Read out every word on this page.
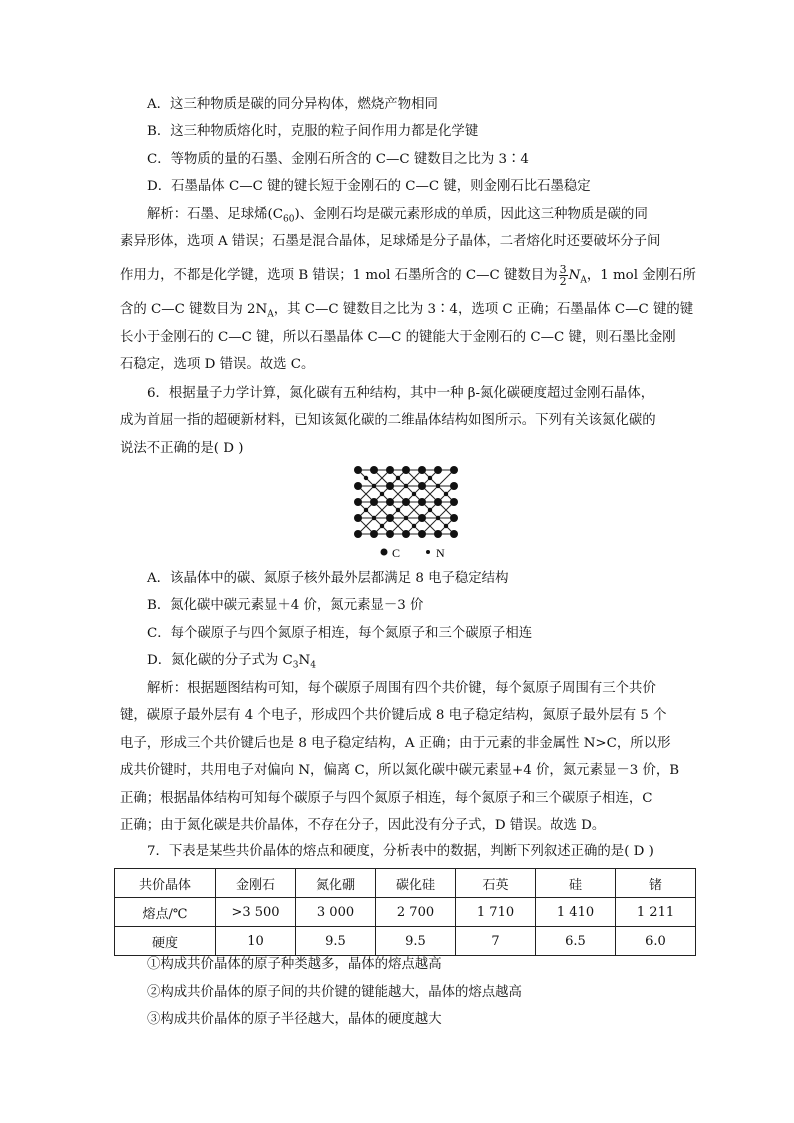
A．这三种物质是碳的同分异构体，燃烧产物相同
B．这三种物质熔化时，克服的粒子间作用力都是化学键
C．等物质的量的石墨、金刚石所含的 C—C 键数目之比为 3∶4
D．石墨晶体 C—C 键的键长短于金刚石的 C—C 键，则金刚石比石墨稳定
解析：石墨、足球烯$(C_{60})$、金刚石均是碳元素形成的单质，因此这三种物质是碳的同
素异形体，选项 A 错误；石墨是混合晶体，足球烯是分子晶体，二者熔化时还要破坏分子间
作用力，不都是化学键，选项 B 错误；1 mol 石墨所含的 C—C 键数目为 $\frac{3}{2} N_A$，1 mol 金刚石所
含的 C—C 键数目为 $2N_A$，其 C—C 键数目之比为 3∶4，选项 C 正确；石墨晶体 C—C 键的键
长小于金刚石的 C—C 键，所以石墨晶体 C—C 的键能大于金刚石的 C—C 键，则石墨比金刚
石稳定，选项 D 错误。故选 C。
6．根据量子力学计算，氮化碳有五种结构，其中一种 β-氮化碳硬度超过金刚石晶体，
成为首屈一指的超硬新材料，已知该氮化碳的二维晶体结构如图所示。下列有关该氮化碳的
说法不正确的是( D )
C	N
A．该晶体中的碳、氮原子核外最外层都满足 8 电子稳定结构
B．氮化碳中碳元素显＋4 价，氮元素显－3 价
C．每个碳原子与四个氮原子相连，每个氮原子和三个碳原子相连
D．氮化碳的分子式为 $C_3N_4$
解析：根据题图结构可知，每个碳原子周围有四个共价键，每个氮原子周围有三个共价
键，碳原子最外层有 4 个电子，形成四个共价键后成 8 电子稳定结构，氮原子最外层有 5 个
电子，形成三个共价键后也是 8 电子稳定结构，A 正确；由于元素的非金属性 N>C，所以形
成共价键时，共用电子对偏向 N，偏离 C，所以氮化碳中碳元素显+4 价，氮元素显－3 价，B
正确；根据晶体结构可知每个碳原子与四个氮原子相连，每个氮原子和三个碳原子相连，C
正确；由于氮化碳是共价晶体，不存在分子，因此没有分子式，D 错误。故选 D。
7．下表是某些共价晶体的熔点和硬度，分析表中的数据，判断下列叙述正确的是( D )
共价晶体	金刚石	氮化硼	碳化硅	石英	硅	锗
熔点/℃	>3 500	3 000	2 700	1 710	1 410	1 211
硬度	10	9.5	9.5	7	6.5	6.0
①构成共价晶体的原子种类越多，晶体的熔点越高
②构成共价晶体的原子间的共价键的键能越大，晶体的熔点越高
③构成共价晶体的原子半径越大，晶体的硬度越大
